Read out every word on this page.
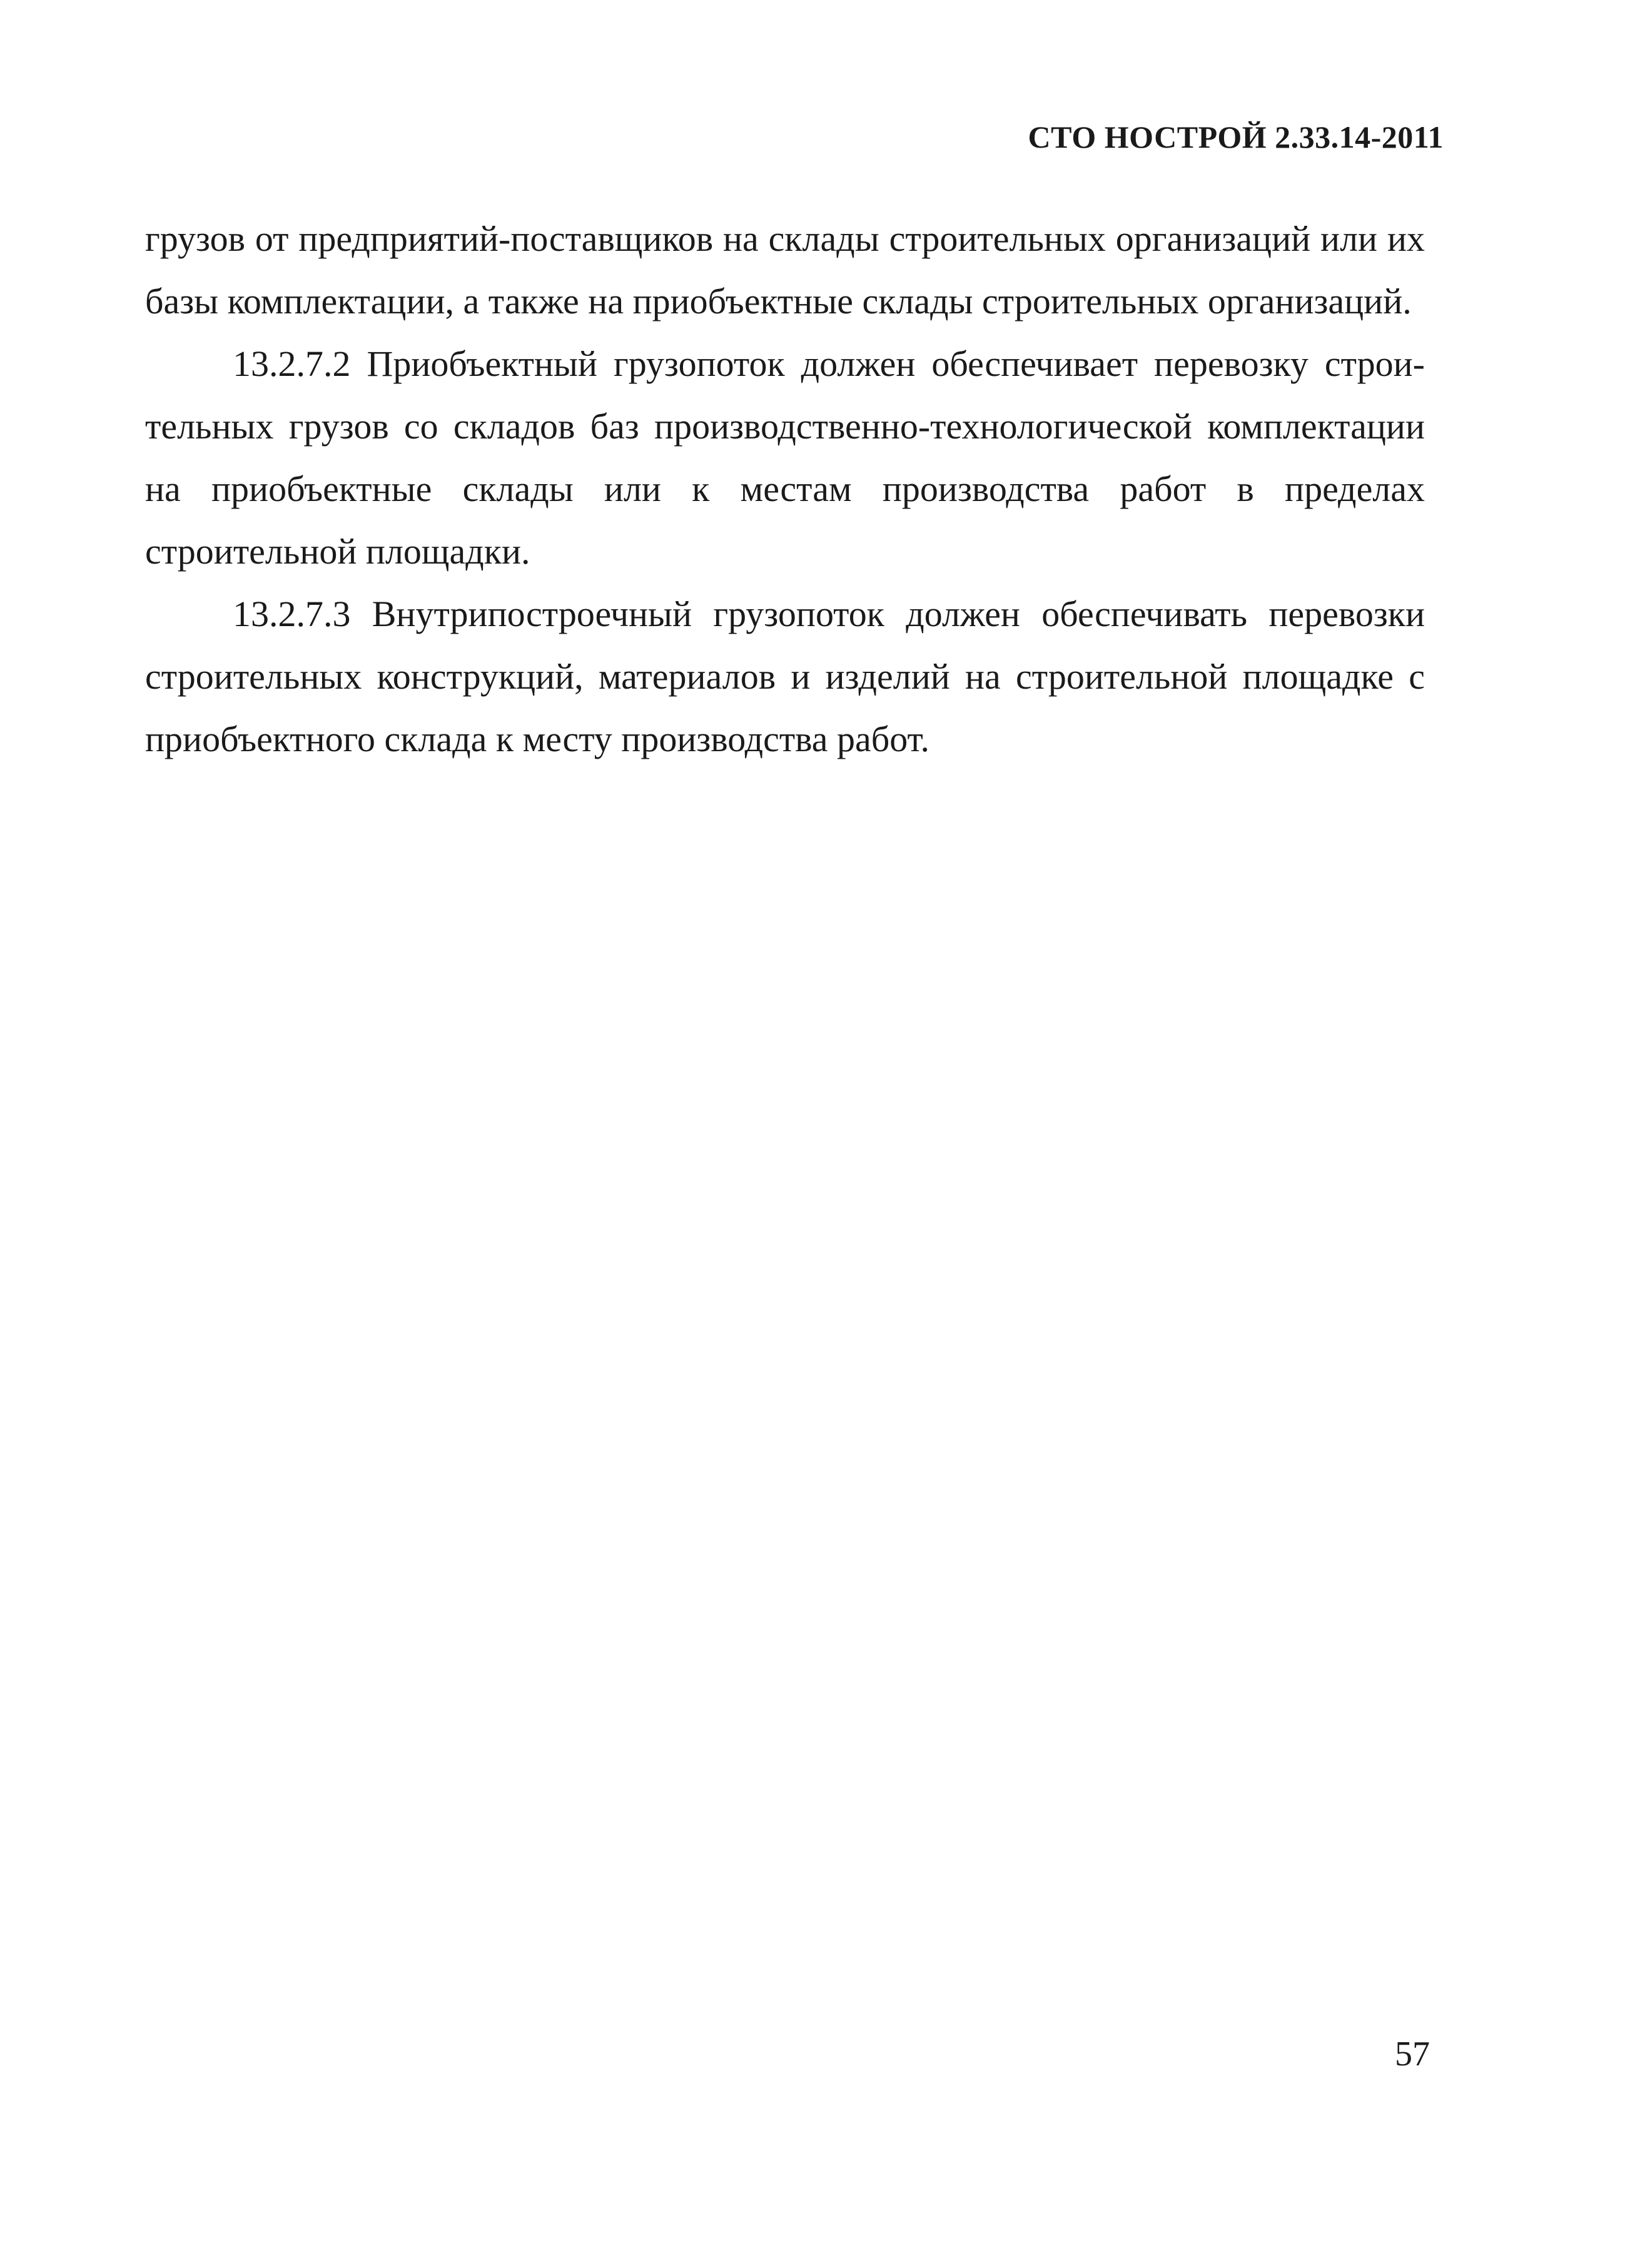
СТО НОСТРОЙ 2.33.14-2011

грузов от предприятий-поставщиков на склады строительных организаций или их базы комплектации, а также на приобъектные склады строительных организаций.

13.2.7.2 Приобъектный грузопоток должен обеспечивает перевозку строительных грузов со складов баз производственно-технологической комплектации на приобъектные склады или к местам производства работ в пределах строительной площадки.

13.2.7.3 Внутрипостроечный грузопоток должен обеспечивать перевозки строительных конструкций, материалов и изделий на строительной площадке с приобъектного склада к месту производства работ.

57
